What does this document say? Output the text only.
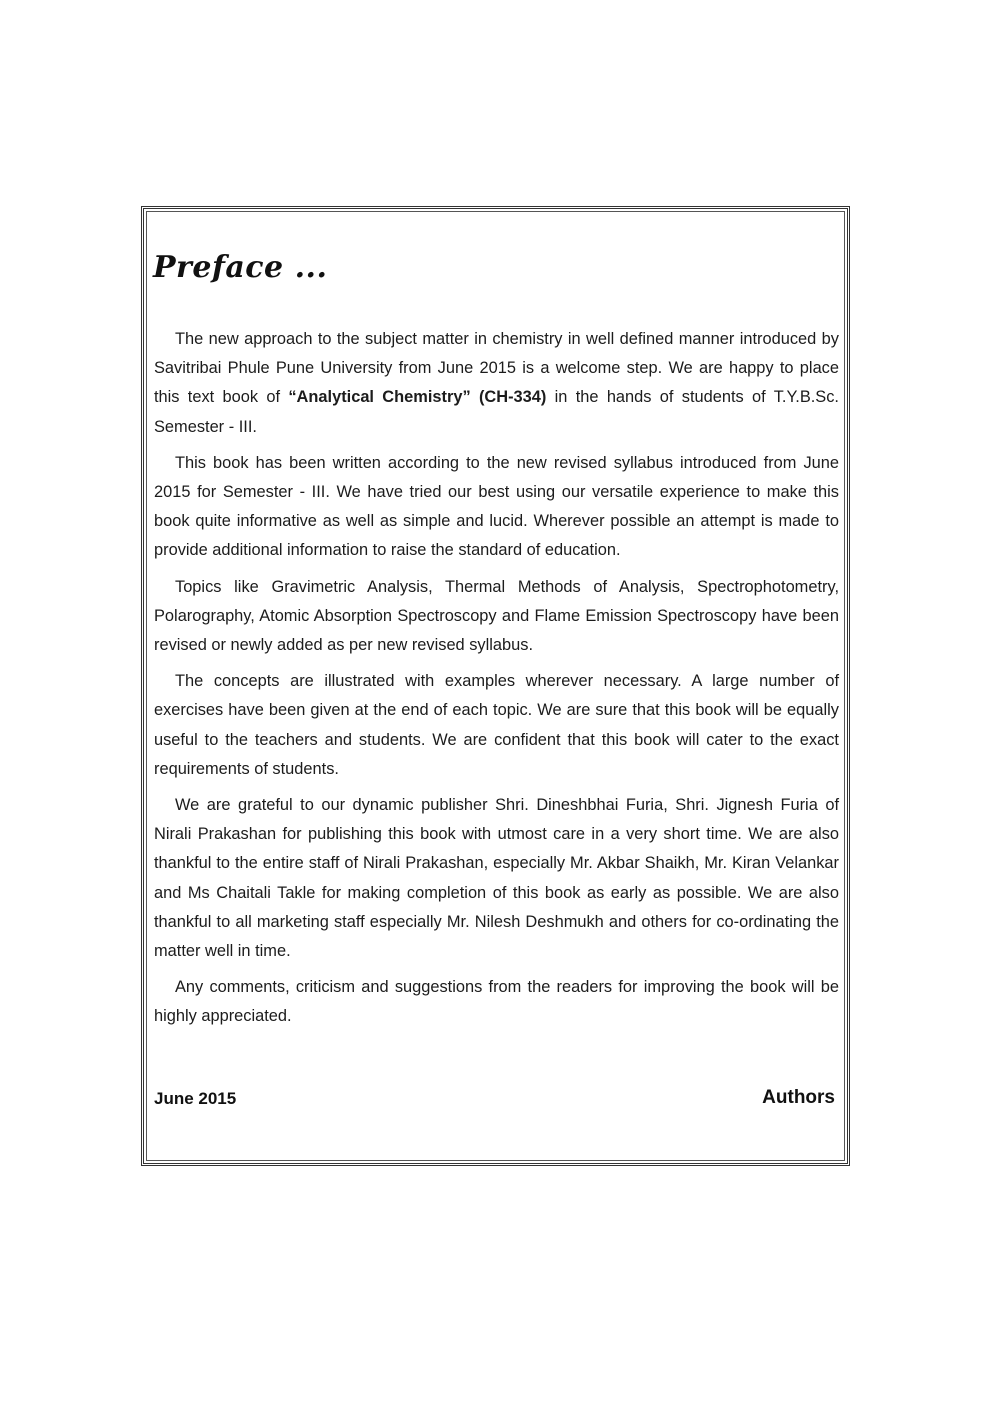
Preface ...

The new approach to the subject matter in chemistry in well defined manner introduced by Savitribai Phule Pune University from June 2015 is a welcome step. We are happy to place this text book of “Analytical Chemistry” (CH-334) in the hands of students of T.Y.B.Sc. Semester - III.

This book has been written according to the new revised syllabus introduced from June 2015 for Semester - III. We have tried our best using our versatile experience to make this book quite informative as well as simple and lucid. Wherever possible an attempt is made to provide additional information to raise the standard of education.

Topics like Gravimetric Analysis, Thermal Methods of Analysis, Spectrophotometry, Polarography, Atomic Absorption Spectroscopy and Flame Emission Spectroscopy have been revised or newly added as per new revised syllabus.

The concepts are illustrated with examples wherever necessary. A large number of exercises have been given at the end of each topic. We are sure that this book will be equally useful to the teachers and students. We are confident that this book will cater to the exact requirements of students.

We are grateful to our dynamic publisher Shri. Dineshbhai Furia, Shri. Jignesh Furia of Nirali Prakashan for publishing this book with utmost care in a very short time. We are also thankful to the entire staff of Nirali Prakashan, especially Mr. Akbar Shaikh, Mr. Kiran Velankar and Ms Chaitali Takle for making completion of this book as early as possible. We are also thankful to all marketing staff especially Mr. Nilesh Deshmukh and others for co-ordinating the matter well in time.

Any comments, criticism and suggestions from the readers for improving the book will be highly appreciated.

June 2015	Authors
